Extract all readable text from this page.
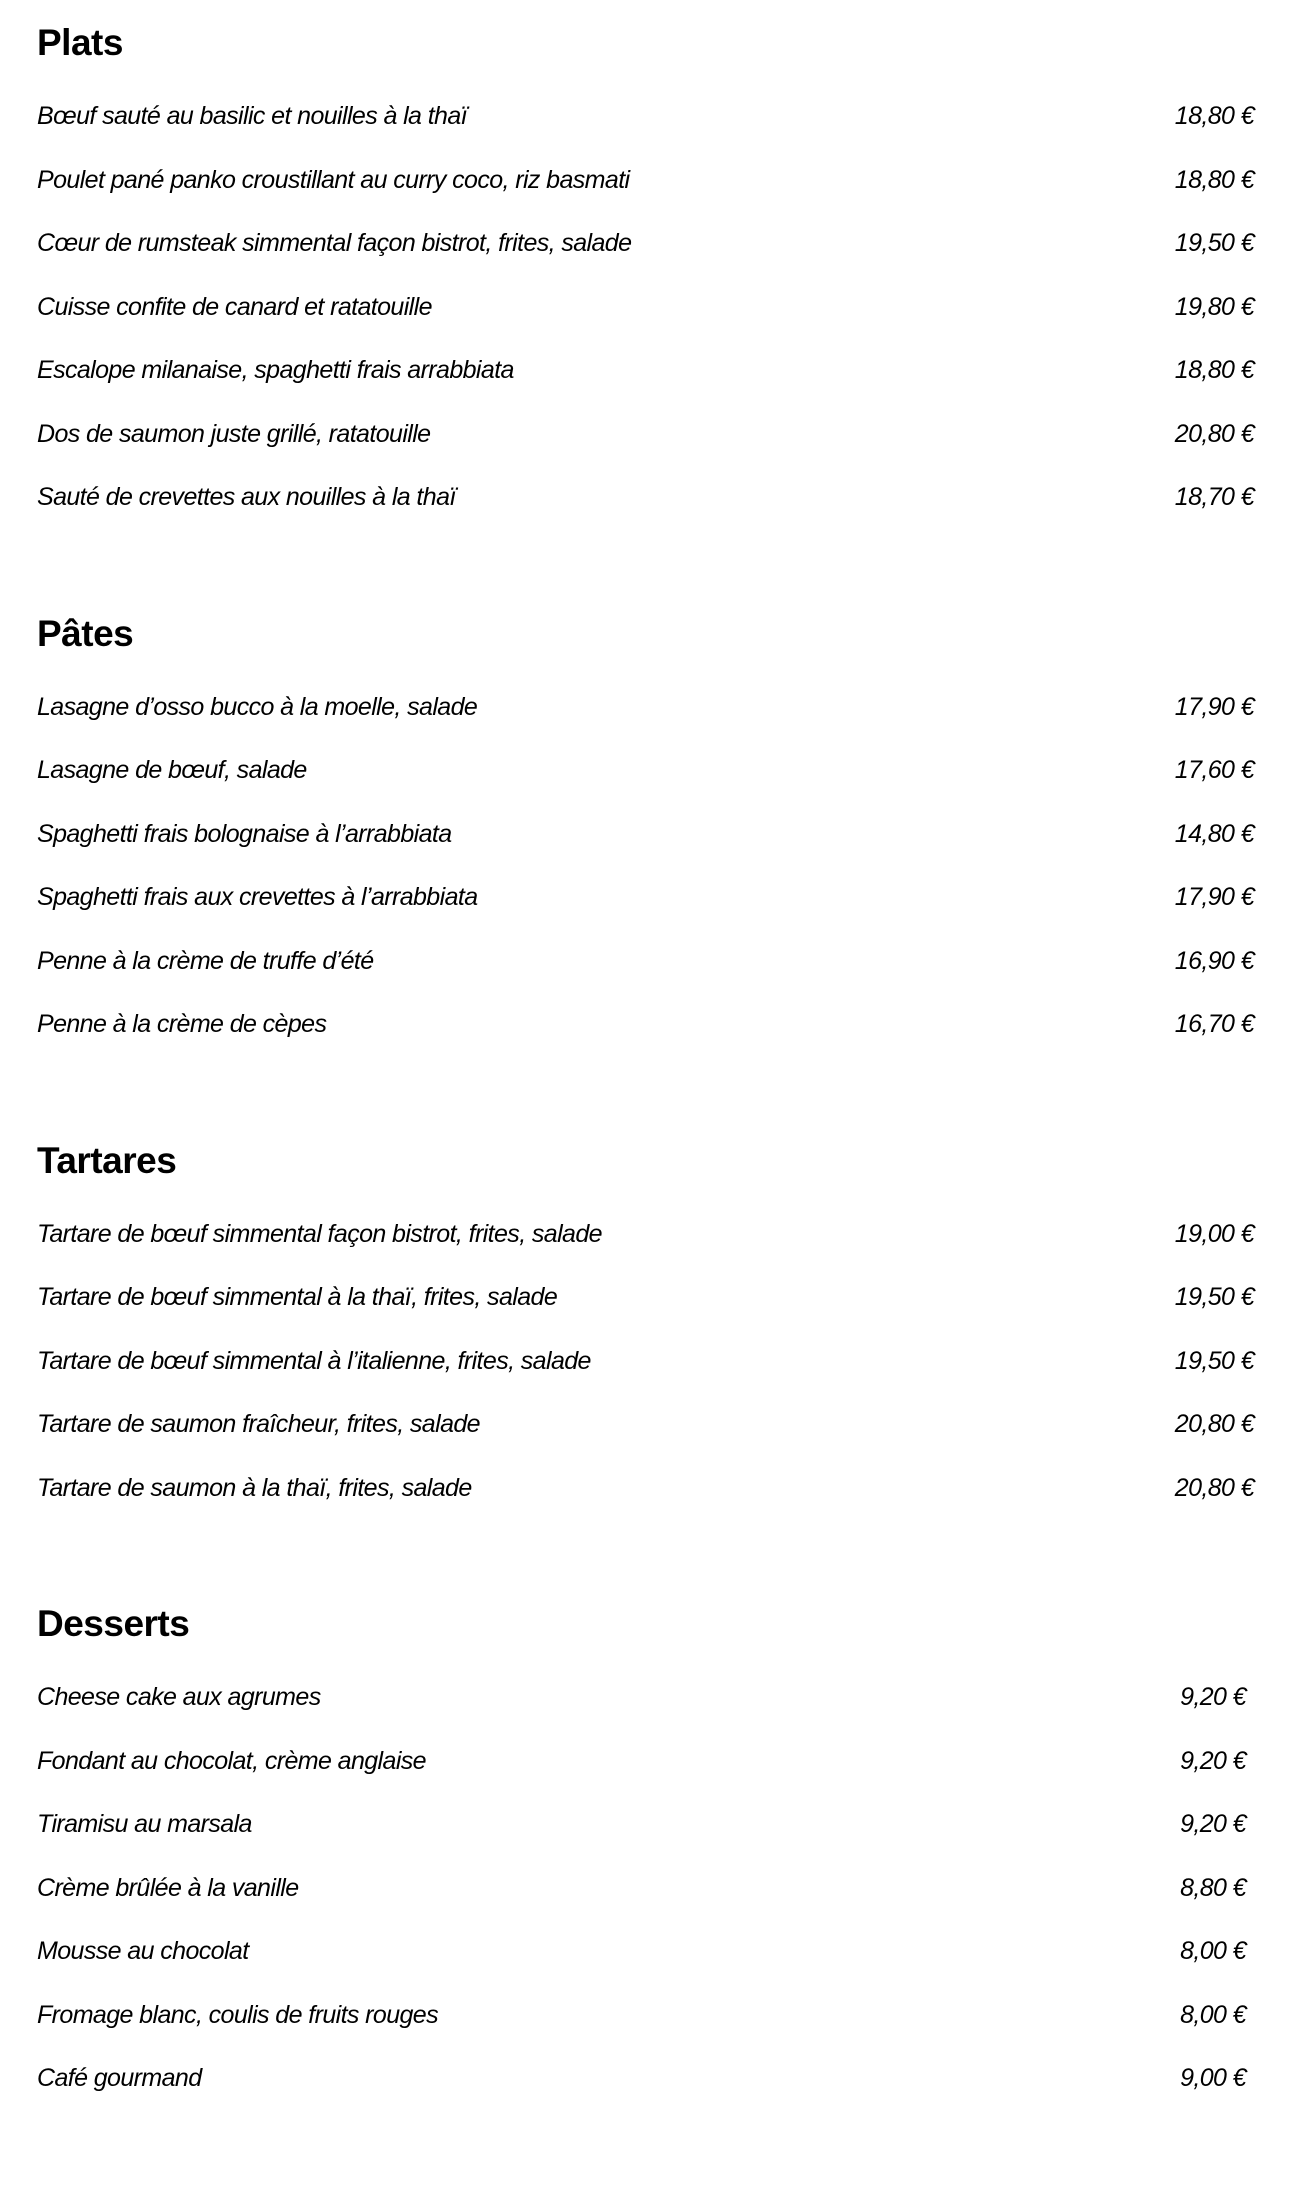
Plats
Bœuf sauté au basilic et nouilles à la thaï	18,80 €
Poulet pané panko croustillant au curry coco, riz basmati	18,80 €
Cœur de rumsteak simmental façon bistrot, frites, salade	19,50 €
Cuisse confite de canard et ratatouille	19,80 €
Escalope milanaise, spaghetti frais arrabbiata	18,80 €
Dos de saumon juste grillé, ratatouille	20,80 €
Sauté de crevettes aux nouilles à la thaï	18,70 €
Pâtes
Lasagne d’osso bucco à la moelle, salade	17,90 €
Lasagne de bœuf, salade	17,60 €
Spaghetti frais bolognaise à l’arrabbiata	14,80 €
Spaghetti frais aux crevettes à l’arrabbiata	17,90 €
Penne à la crème de truffe d’été	16,90 €
Penne à la crème de cèpes	16,70 €
Tartares
Tartare de bœuf simmental façon bistrot, frites, salade	19,00 €
Tartare de bœuf simmental à la thaï, frites, salade	19,50 €
Tartare de bœuf simmental à l’italienne, frites, salade	19,50 €
Tartare de saumon fraîcheur, frites, salade	20,80 €
Tartare de saumon à la thaï, frites, salade	20,80 €
Desserts
Cheese cake aux agrumes	9,20 €
Fondant au chocolat, crème anglaise	9,20 €
Tiramisu au marsala	9,20 €
Crème brûlée à la vanille	8,80 €
Mousse au chocolat	8,00 €
Fromage blanc, coulis de fruits rouges	8,00 €
Café gourmand	9,00 €
